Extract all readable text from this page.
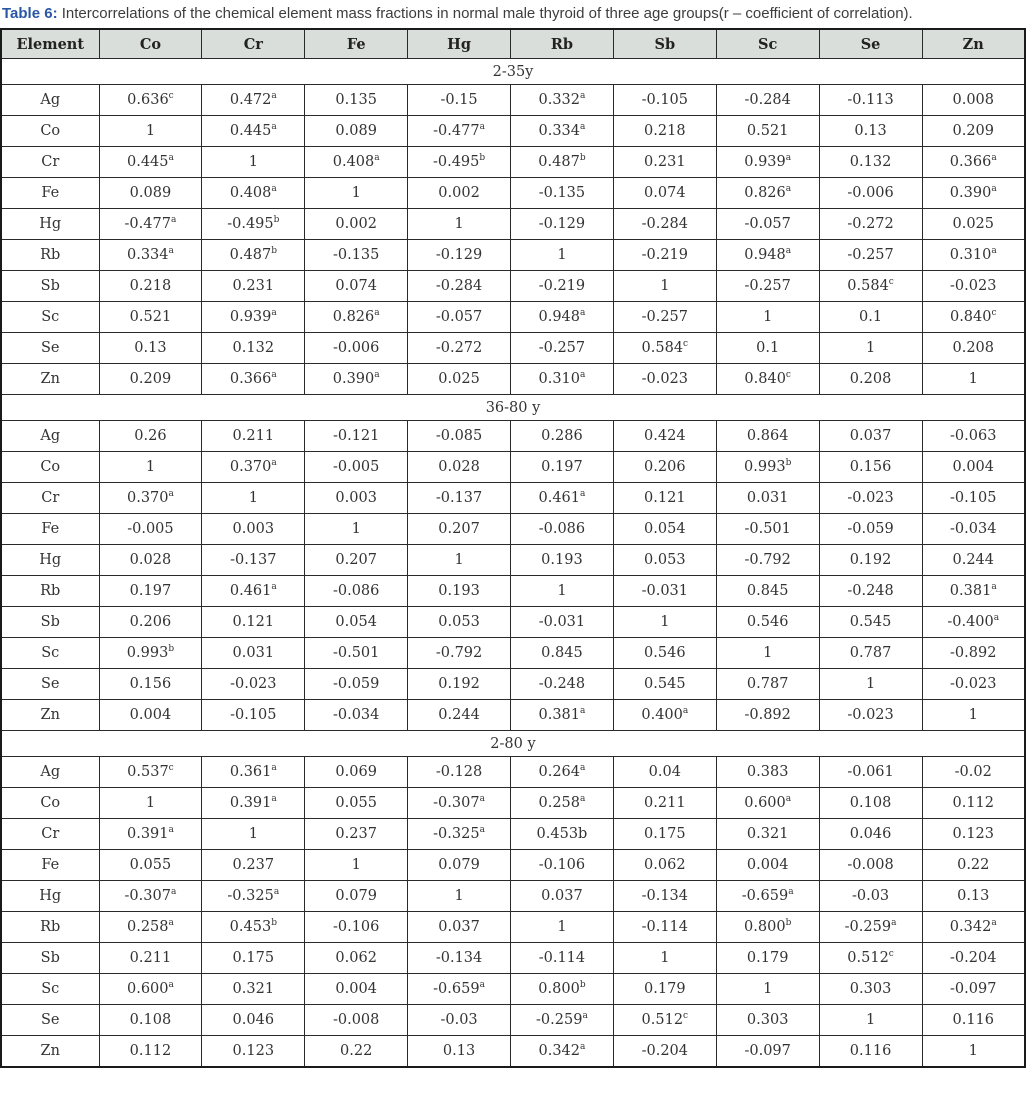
Table 6: Intercorrelations of the chemical element mass fractions in normal male thyroid of three age groups(r – coefficient of correlation).
Element	Co	Cr	Fe	Hg	Rb	Sb	Sc	Se	Zn
2-35y									
Ag	0.636$^c$	0.472$^a$	0.135	-0.15	0.332$^a$	-0.105	-0.284	-0.113	0.008
Co	1	0.445$^a$	0.089	-0.477$^a$	0.334$^a$	0.218	0.521	0.13	0.209
Cr	0.445$^a$	1	0.408$^a$	-0.495$^b$	0.487$^b$	0.231	0.939$^a$	0.132	0.366$^a$
Fe	0.089	0.408$^a$	1	0.002	-0.135	0.074	0.826$^a$	-0.006	0.390$^a$
Hg	-0.477$^a$	-0.495$^b$	0.002	1	-0.129	-0.284	-0.057	-0.272	0.025
Rb	0.334$^a$	0.487$^b$	-0.135	-0.129	1	-0.219	0.948$^a$	-0.257	0.310$^a$
Sb	0.218	0.231	0.074	-0.284	-0.219	1	-0.257	0.584$^c$	-0.023
Sc	0.521	0.939$^a$	0.826$^a$	-0.057	0.948$^a$	-0.257	1	0.1	0.840$^c$
Se	0.13	0.132	-0.006	-0.272	-0.257	0.584$^c$	0.1	1	0.208
Zn	0.209	0.366$^a$	0.390$^a$	0.025	0.310$^a$	-0.023	0.840$^c$	0.208	1
36-80 y									
Ag	0.26	0.211	-0.121	-0.085	0.286	0.424	0.864	0.037	-0.063
Co	1	0.370$^a$	-0.005	0.028	0.197	0.206	0.993$^b$	0.156	0.004
Cr	0.370$^a$	1	0.003	-0.137	0.461$^a$	0.121	0.031	-0.023	-0.105
Fe	-0.005	0.003	1	0.207	-0.086	0.054	-0.501	-0.059	-0.034
Hg	0.028	-0.137	0.207	1	0.193	0.053	-0.792	0.192	0.244
Rb	0.197	0.461$^a$	-0.086	0.193	1	-0.031	0.845	-0.248	0.381$^a$
Sb	0.206	0.121	0.054	0.053	-0.031	1	0.546	0.545	-0.400$^a$
Sc	0.993$^b$	0.031	-0.501	-0.792	0.845	0.546	1	0.787	-0.892
Se	0.156	-0.023	-0.059	0.192	-0.248	0.545	0.787	1	-0.023
Zn	0.004	-0.105	-0.034	0.244	0.381$^a$	0.400$^a$	-0.892	-0.023	1
2-80 y									
Ag	0.537$^c$	0.361$^a$	0.069	-0.128	0.264$^a$	0.04	0.383	-0.061	-0.02
Co	1	0.391$^a$	0.055	-0.307$^a$	0.258$^a$	0.211	0.600$^a$	0.108	0.112
Cr	0.391$^a$	1	0.237	-0.325$^a$	0.453b	0.175	0.321	0.046	0.123
Fe	0.055	0.237	1	0.079	-0.106	0.062	0.004	-0.008	0.22
Hg	-0.307$^a$	-0.325$^a$	0.079	1	0.037	-0.134	-0.659$^a$	-0.03	0.13
Rb	0.258$^a$	0.453$^b$	-0.106	0.037	1	-0.114	0.800$^b$	-0.259$^a$	0.342$^a$
Sb	0.211	0.175	0.062	-0.134	-0.114	1	0.179	0.512$^c$	-0.204
Sc	0.600$^a$	0.321	0.004	-0.659$^a$	0.800$^b$	0.179	1	0.303	-0.097
Se	0.108	0.046	-0.008	-0.03	-0.259$^a$	0.512$^c$	0.303	1	0.116
Zn	0.112	0.123	0.22	0.13	0.342$^a$	-0.204	-0.097	0.116	1
